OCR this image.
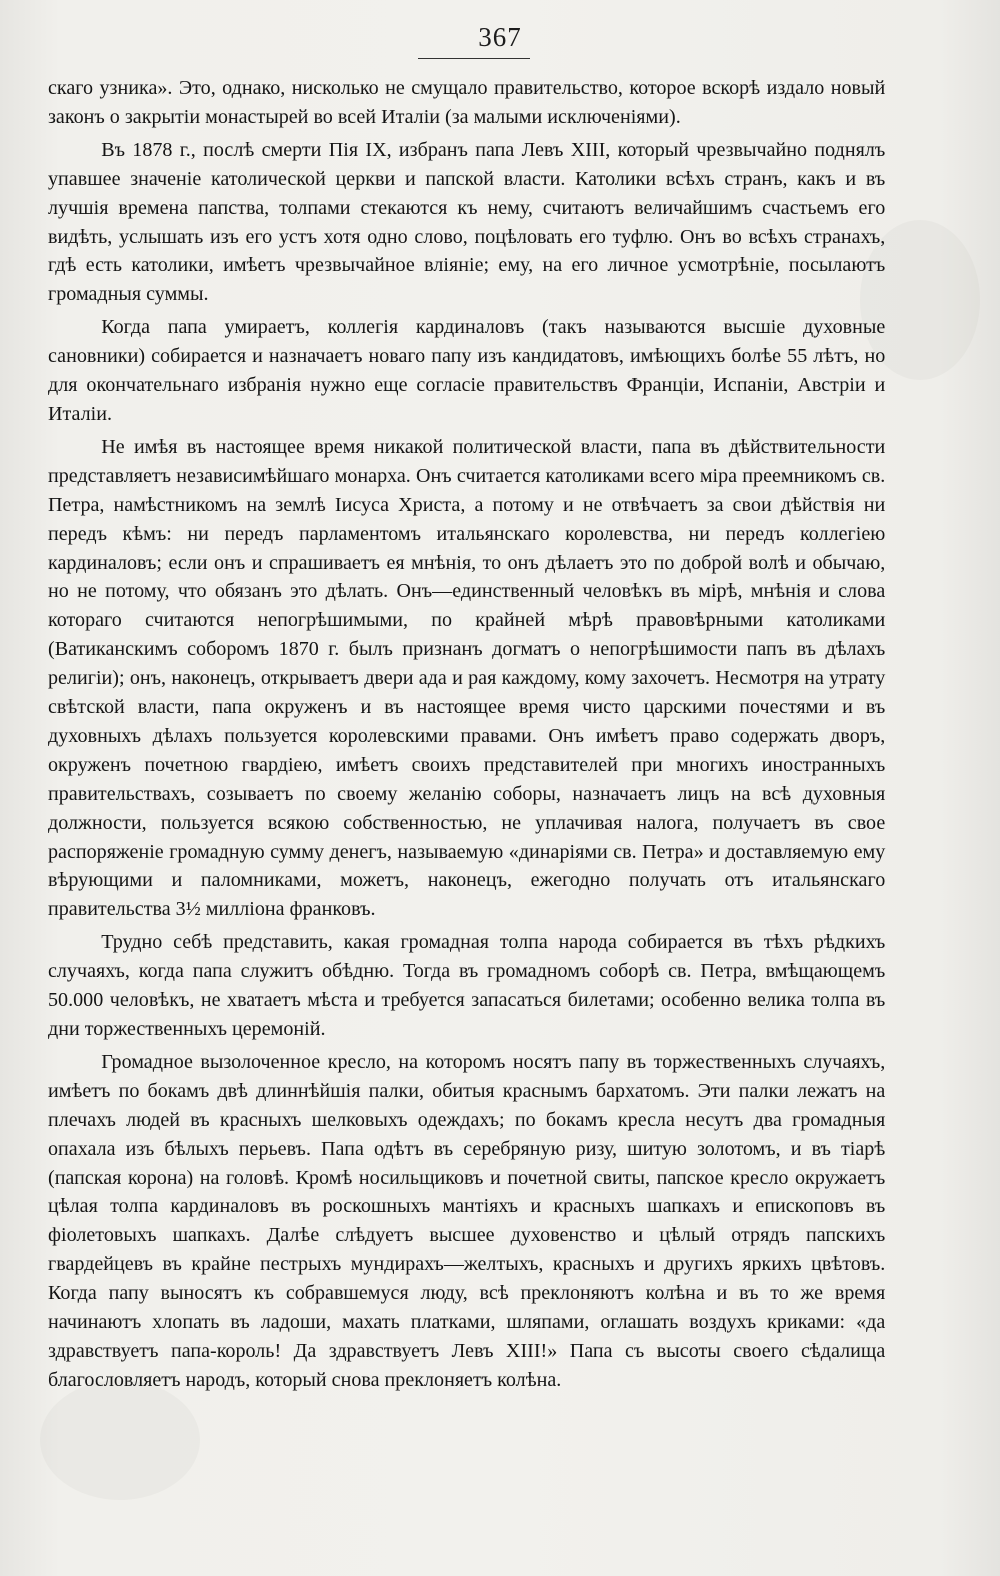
367

скаго узника». Это, однако, нисколько не смущало правительство, которое вскорѣ издало новый законъ о закрытіи монастырей во всей Италіи (за малыми исключеніями).

Въ 1878 г., послѣ смерти Пія IX, избранъ папа Левъ XIII, который чрезвычайно поднялъ упавшее значеніе католической церкви и папской власти. Католики всѣхъ странъ, какъ и въ лучшія времена папства, толпами стекаются къ нему, считаютъ величайшимъ счастьемъ его видѣть, услышать изъ его устъ хотя одно слово, поцѣловать его туфлю. Онъ во всѣхъ странахъ, гдѣ есть католики, имѣетъ чрезвычайное вліяніе; ему, на его личное усмотрѣніе, посылаютъ громадныя суммы.

Когда папа умираетъ, коллегія кардиналовъ (такъ называются высшіе духовные сановники) собирается и назначаетъ новаго папу изъ кандидатовъ, имѣющихъ болѣе 55 лѣтъ, но для окончательнаго избранія нужно еще согласіе правительствъ Франціи, Испаніи, Австріи и Италіи.

Не имѣя въ настоящее время никакой политической власти, папа въ дѣйствительности представляетъ независимѣйшаго монарха. Онъ считается католиками всего міра преемникомъ св. Петра, намѣстникомъ на землѣ Іисуса Христа, а потому и не отвѣчаетъ за свои дѣйствія ни передъ кѣмъ: ни передъ парламентомъ итальянскаго королевства, ни передъ коллегіею кардиналовъ; если онъ и спрашиваетъ ея мнѣнія, то онъ дѣлаетъ это по доброй волѣ и обычаю, но не потому, что обязанъ это дѣлать. Онъ—единственный человѣкъ въ мірѣ, мнѣнія и слова котораго считаются непогрѣшимыми, по крайней мѣрѣ правовѣрными католиками (Ватиканскимъ соборомъ 1870 г. былъ признанъ догматъ о непогрѣшимости папъ въ дѣлахъ религіи); онъ, наконецъ, открываетъ двери ада и рая каждому, кому захочетъ. Несмотря на утрату свѣтской власти, папа окруженъ и въ настоящее время чисто царскими почестями и въ духовныхъ дѣлахъ пользуется королевскими правами. Онъ имѣетъ право содержать дворъ, окруженъ почетною гвардіею, имѣетъ своихъ представителей при многихъ иностранныхъ правительствахъ, созываетъ по своему желанію соборы, назначаетъ лицъ на всѣ духовныя должности, пользуется всякою собственностью, не уплачивая налога, получаетъ въ свое распоряженіе громадную сумму денегъ, называемую «динаріями св. Петра» и доставляемую ему вѣрующими и паломниками, можетъ, наконецъ, ежегодно получать отъ итальянскаго правительства 3½ милліона франковъ.

Трудно себѣ представить, какая громадная толпа народа собирается въ тѣхъ рѣдкихъ случаяхъ, когда папа служитъ обѣдню. Тогда въ громадномъ соборѣ св. Петра, вмѣщающемъ 50.000 человѣкъ, не хватаетъ мѣста и требуется запасаться билетами; особенно велика толпа въ дни торжественныхъ церемоній.

Громадное вызолоченное кресло, на которомъ носятъ папу въ торжественныхъ случаяхъ, имѣетъ по бокамъ двѣ длиннѣйшія палки, обитыя краснымъ бархатомъ. Эти палки лежатъ на плечахъ людей въ красныхъ шелковыхъ одеждахъ; по бокамъ кресла несутъ два громадныя опахала изъ бѣлыхъ перьевъ. Папа одѣтъ въ серебряную ризу, шитую золотомъ, и въ тіарѣ (папская корона) на головѣ. Кромѣ носильщиковъ и почетной свиты, папское кресло окружаетъ цѣлая толпа кардиналовъ въ роскошныхъ мантіяхъ и красныхъ шапкахъ и епископовъ въ фіолетовыхъ шапкахъ. Далѣе слѣдуетъ высшее духовенство и цѣлый отрядъ папскихъ гвардейцевъ въ крайне пестрыхъ мундирахъ—желтыхъ, красныхъ и другихъ яркихъ цвѣтовъ. Когда папу выносятъ къ собравшемуся люду, всѣ преклоняютъ колѣна и въ то же время начинаютъ хлопать въ ладоши, махать платками, шляпами, оглашать воздухъ криками: «да здравствуетъ папа-король! Да здравствуетъ Левъ XIII!» Папа съ высоты своего сѣдалища благословляетъ народъ, который снова преклоняетъ колѣна.
